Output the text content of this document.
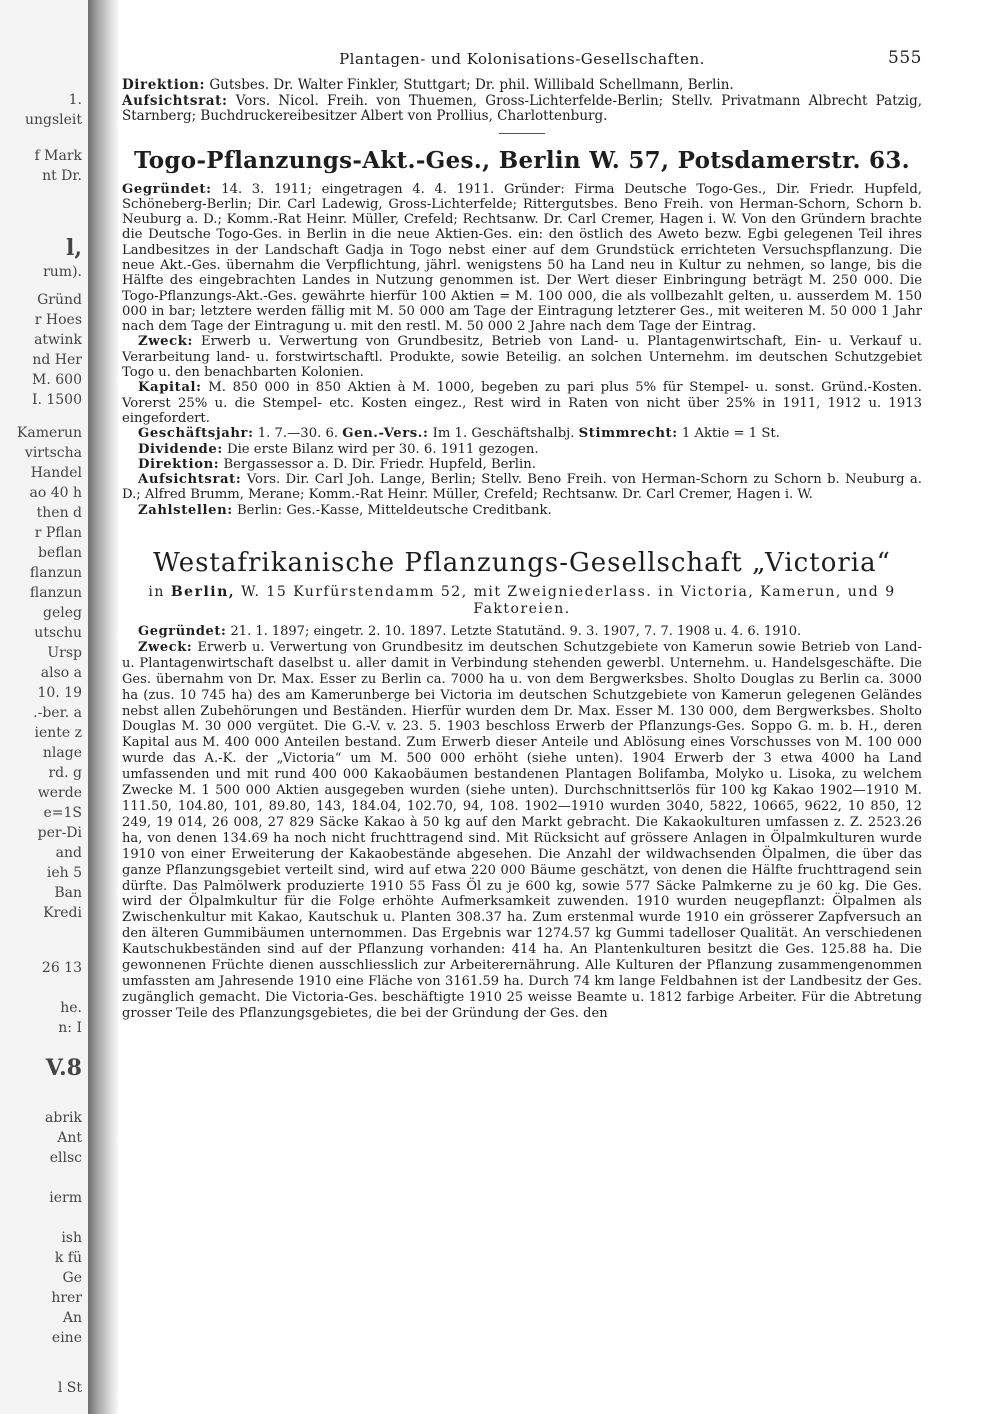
1.
ungsleit
f Mark
nt Dr.
l,
rum).
Gründ
r Hoes
atwink
nd Her
M. 600
I. 1500
Kamerun
virtscha
Handel
ao 40 h
then d
r Pflan
beflan
flanzun
flanzun
geleg
utschu
Ursp
also a
10. 19
.-ber. a
iente z
nlage
rd. g
werde
e=1S
per-Di
and
ieh 5
Ban
Kredi
26 13
he.
n: I
V.8
abrik
Ant
ellsc
ierm
ish
k fü
Ge
hrer
An
eine
l St
Plantagen- und Kolonisations-Gesellschaften.	555
Direktion: Gutsbes. Dr. Walter Finkler, Stuttgart; Dr. phil. Willibald Schellmann, Berlin.
Aufsichtsrat: Vors. Nicol. Freih. von Thuemen, Gross-Lichterfelde-Berlin; Stellv. Privatmann Albrecht Patzig, Starnberg; Buchdruckereibesitzer Albert von Prollius, Charlottenburg.
Togo-Pflanzungs-Akt.-Ges., Berlin W. 57, Potsdamerstr. 63.

Gegründet: 14. 3. 1911; eingetragen 4. 4. 1911. Gründer: Firma Deutsche Togo-Ges., Dir. Friedr. Hupfeld, Schöneberg-Berlin; Dir. Carl Ladewig, Gross-Lichterfelde; Rittergutsbes. Beno Freih. von Herman-Schorn, Schorn b. Neuburg a. D.; Komm.-Rat Heinr. Müller, Crefeld; Rechtsanw. Dr. Carl Cremer, Hagen i. W. Von den Gründern brachte die Deutsche Togo-Ges. in Berlin in die neue Aktien-Ges. ein: den östlich des Aweto bezw. Egbi gelegenen Teil ihres Landbesitzes in der Landschaft Gadja in Togo nebst einer auf dem Grundstück errichteten Versuchspflanzung. Die neue Akt.-Ges. übernahm die Verpflichtung, jährl. wenigstens 50 ha Land neu in Kultur zu nehmen, so lange, bis die Hälfte des eingebrachten Landes in Nutzung genommen ist. Der Wert dieser Einbringung beträgt M. 250 000. Die Togo-Pflanzungs-Akt.-Ges. gewährte hierfür 100 Aktien = M. 100 000, die als vollbezahlt gelten, u. ausserdem M. 150 000 in bar; letztere werden fällig mit M. 50 000 am Tage der Eintragung letzterer Ges., mit weiteren M. 50 000 1 Jahr nach dem Tage der Eintragung u. mit den restl. M. 50 000 2 Jahre nach dem Tage der Eintrag.

Zweck: Erwerb u. Verwertung von Grundbesitz, Betrieb von Land- u. Plantagenwirtschaft, Ein- u. Verkauf u. Verarbeitung land- u. forstwirtschaftl. Produkte, sowie Beteilig. an solchen Unternehm. im deutschen Schutzgebiet Togo u. den benachbarten Kolonien.

Kapital: M. 850 000 in 850 Aktien à M. 1000, begeben zu pari plus 5% für Stempel- u. sonst. Gründ.-Kosten. Vorerst 25% u. die Stempel- etc. Kosten eingez., Rest wird in Raten von nicht über 25% in 1911, 1912 u. 1913 eingefordert.

Geschäftsjahr: 1. 7.—30. 6. Gen.-Vers.: Im 1. Geschäftshalbj. Stimmrecht: 1 Aktie = 1 St.

Dividende: Die erste Bilanz wird per 30. 6. 1911 gezogen.

Direktion: Bergassessor a. D. Dir. Friedr. Hupfeld, Berlin.

Aufsichtsrat: Vors. Dir. Carl Joh. Lange, Berlin; Stellv. Beno Freih. von Herman-Schorn zu Schorn b. Neuburg a. D.; Alfred Brumm, Merane; Komm.-Rat Heinr. Müller, Crefeld; Rechtsanw. Dr. Carl Cremer, Hagen i. W.

Zahlstellen: Berlin: Ges.-Kasse, Mitteldeutsche Creditbank.

Westafrikanische Pflanzungs-Gesellschaft „Victoria“
in Berlin, W. 15 Kurfürstendamm 52, mit Zweigniederlass. in Victoria, Kamerun, und 9 Faktoreien.

Gegründet: 21. 1. 1897; eingetr. 2. 10. 1897. Letzte Statutänd. 9. 3. 1907, 7. 7. 1908 u. 4. 6. 1910.

Zweck: Erwerb u. Verwertung von Grundbesitz im deutschen Schutzgebiete von Kamerun sowie Betrieb von Land- u. Plantagenwirtschaft daselbst u. aller damit in Verbindung stehenden gewerbl. Unternehm. u. Handelsgeschäfte. Die Ges. übernahm von Dr. Max. Esser zu Berlin ca. 7000 ha u. von dem Bergwerksbes. Sholto Douglas zu Berlin ca. 3000 ha (zus. 10 745 ha) des am Kamerunberge bei Victoria im deutschen Schutzgebiete von Kamerun gelegenen Geländes nebst allen Zubehörungen und Beständen. Hierfür wurden dem Dr. Max. Esser M. 130 000, dem Bergwerksbes. Sholto Douglas M. 30 000 vergütet. Die G.-V. v. 23. 5. 1903 beschloss Erwerb der Pflanzungs-Ges. Soppo G. m. b. H., deren Kapital aus M. 400 000 Anteilen bestand. Zum Erwerb dieser Anteile und Ablösung eines Vorschusses von M. 100 000 wurde das A.-K. der „Victoria“ um M. 500 000 erhöht (siehe unten). 1904 Erwerb der 3 etwa 4000 ha Land umfassenden und mit rund 400 000 Kakaobäumen bestandenen Plantagen Bolifamba, Molyko u. Lisoka, zu welchem Zwecke M. 1 500 000 Aktien ausgegeben wurden (siehe unten). Durchschnittserlös für 100 kg Kakao 1902—1910 M. 111.50, 104.80, 101, 89.80, 143, 184.04, 102.70, 94, 108. 1902—1910 wurden 3040, 5822, 10665, 9622, 10 850, 12 249, 19 014, 26 008, 27 829 Säcke Kakao à 50 kg auf den Markt gebracht. Die Kakaokulturen umfassen z. Z. 2523.26 ha, von denen 134.69 ha noch nicht fruchttragend sind. Mit Rücksicht auf grössere Anlagen in Ölpalmkulturen wurde 1910 von einer Erweiterung der Kakaobestände abgesehen. Die Anzahl der wildwachsenden Ölpalmen, die über das ganze Pflanzungsgebiet verteilt sind, wird auf etwa 220 000 Bäume geschätzt, von denen die Hälfte fruchttragend sein dürfte. Das Palmölwerk produzierte 1910 55 Fass Öl zu je 600 kg, sowie 577 Säcke Palmkerne zu je 60 kg. Die Ges. wird der Ölpalmkultur für die Folge erhöhte Aufmerksamkeit zuwenden. 1910 wurden neugepflanzt: Ölpalmen als Zwischenkultur mit Kakao, Kautschuk u. Planten 308.37 ha. Zum erstenmal wurde 1910 ein grösserer Zapfversuch an den älteren Gummibäumen unternommen. Das Ergebnis war 1274.57 kg Gummi tadelloser Qualität. An verschiedenen Kautschukbeständen sind auf der Pflanzung vorhanden: 414 ha. An Plantenkulturen besitzt die Ges. 125.88 ha. Die gewonnenen Früchte dienen ausschliesslich zur Arbeiterernährung. Alle Kulturen der Pflanzung zusammengenommen umfassten am Jahresende 1910 eine Fläche von 3161.59 ha. Durch 74 km lange Feldbahnen ist der Landbesitz der Ges. zugänglich gemacht. Die Victoria-Ges. beschäftigte 1910 25 weisse Beamte u. 1812 farbige Arbeiter. Für die Abtretung grosser Teile des Pflanzungsgebietes, die bei der Gründung der Ges. den
